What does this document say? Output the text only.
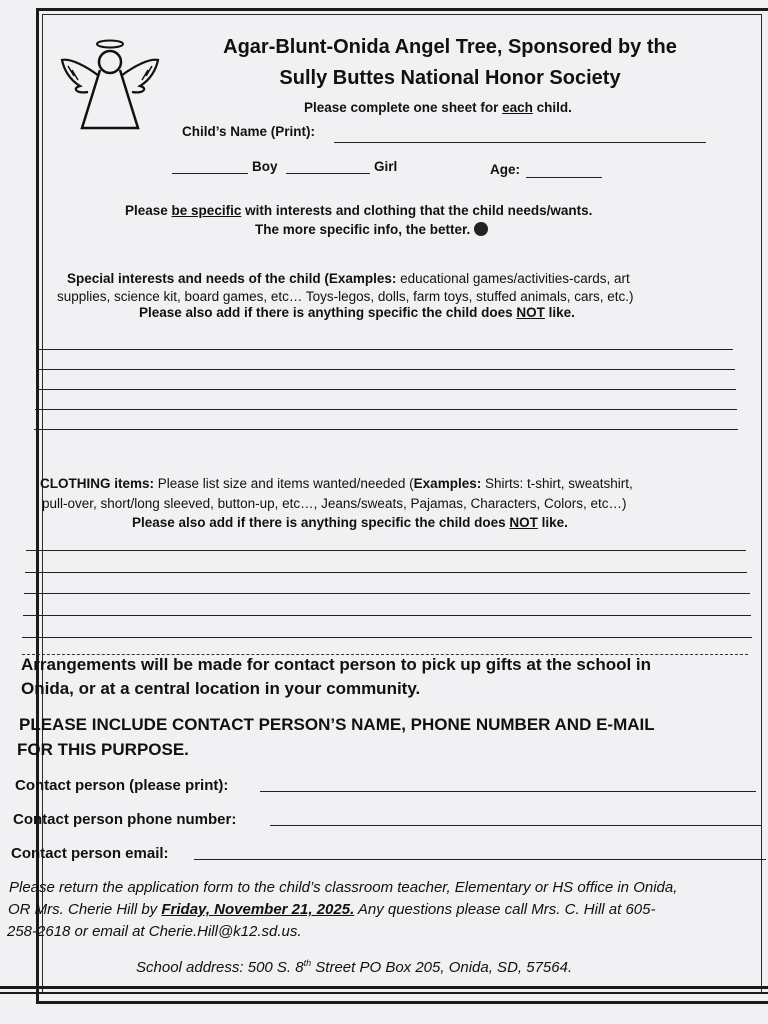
Agar-Blunt-Onida Angel Tree, Sponsored by the
Sully Buttes National Honor Society
Please complete one sheet for each child.
Child’s Name (Print):
Boy	Girl	Age:
Please be specific with interests and clothing that the child needs/wants.
The more specific info, the better.
Special interests and needs of the child (Examples: educational games/activities-cards, art
supplies, science kit, board games, etc… Toys-legos, dolls, farm toys, stuffed animals, cars, etc.)
Please also add if there is anything specific the child does NOT like.
CLOTHING items: Please list size and items wanted/needed (Examples: Shirts: t-shirt, sweatshirt,
pull-over, short/long sleeved, button-up, etc…, Jeans/sweats, Pajamas, Characters, Colors, etc…)
Please also add if there is anything specific the child does NOT like.
Arrangements will be made for contact person to pick up gifts at the school in
Onida, or at a central location in your community.
PLEASE INCLUDE CONTACT PERSON’S NAME, PHONE NUMBER AND E-MAIL
FOR THIS PURPOSE.
Contact person (please print):
Contact person phone number:
Contact person email:
Please return the application form to the child’s classroom teacher, Elementary or HS office in Onida,
OR Mrs. Cherie Hill by Friday, November 21, 2025. Any questions please call Mrs. C. Hill at 605-
258-2618 or email at Cherie.Hill@k12.sd.us.
School address: 500 S. 8th Street PO Box 205, Onida, SD, 57564.
